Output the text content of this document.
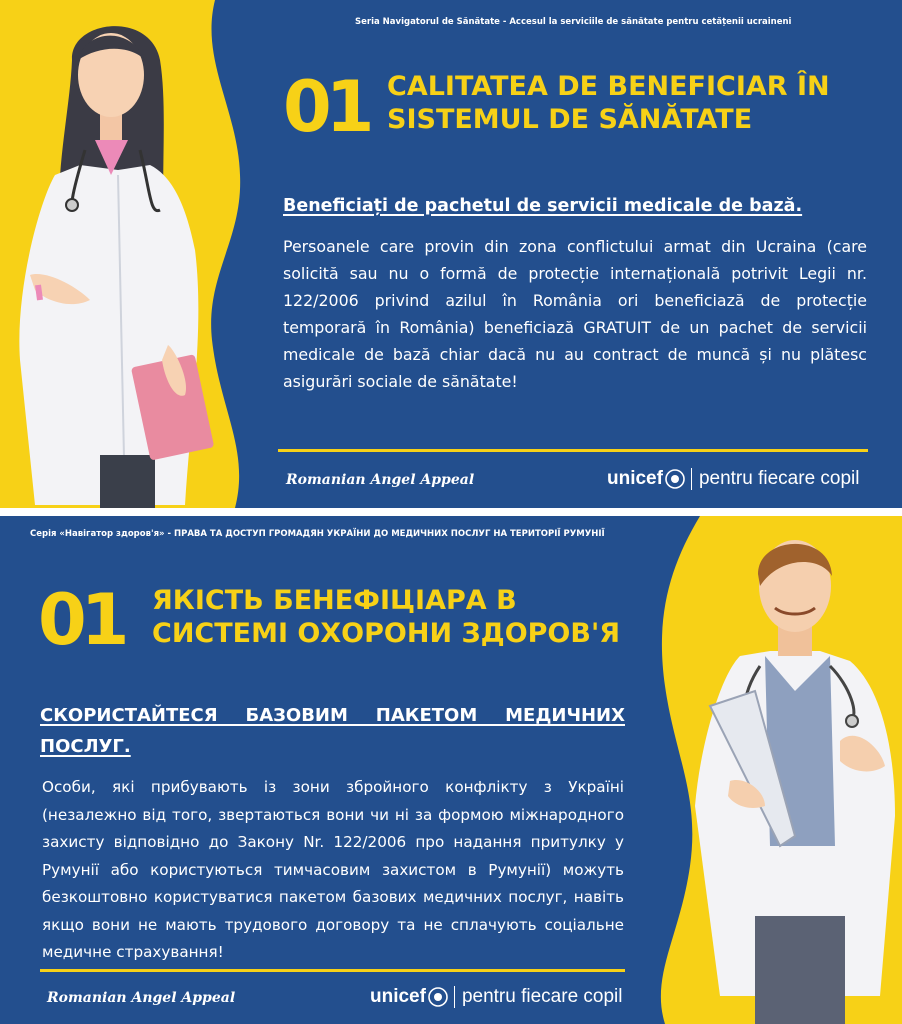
Seria Navigatorul de Sănătate - Accesul la serviciile de sănătate pentru cetățenii ucraineni
01 CALITATEA DE BENEFICIAR ÎN
SISTEMUL DE SĂNĂTATE
Beneficiați de pachetul de servicii medicale de bază.
Persoanele care provin din zona conflictului armat din Ucraina (care solicită sau nu o formă de protecție internațională potrivit Legii nr. 122/2006 privind azilul în România ori beneficiază de protecție temporară în România) beneficiază GRATUIT de un pachet de servicii medicale de bază chiar dacă nu au contract de muncă și nu plătesc asigurări sociale de sănătate!
Romanian Angel Appeal	unicef pentru fiecare copil
Серія «Навігатор здоров'я» - ПРАВА ТА ДОСТУП ГРОМАДЯН УКРАЇНИ ДО МЕДИЧНИХ ПОСЛУГ НА ТЕРИТОРІЇ РУМУНІЇ
01 ЯКІСТЬ БЕНЕФІЦІАРА В
СИСТЕМІ ОХОРОНИ ЗДОРОВ'Я
СКОРИСТАЙТЕСЯ БАЗОВИМ ПАКЕТОМ МЕДИЧНИХ ПОСЛУГ.
Особи, які прибувають із зони збройного конфлікту з Україні (незалежно від того, звертаються вони чи ні за формою міжнародного захисту відповідно до Закону Nr. 122/2006 про надання притулку у Румунії або користуються тимчасовим захистом в Румунії) можуть безкоштовно користуватися пакетом базових медичних послуг, навіть якщо вони не мають трудового договору та не сплачують соціальне медичне страхування!
Romanian Angel Appeal	unicef pentru fiecare copil
